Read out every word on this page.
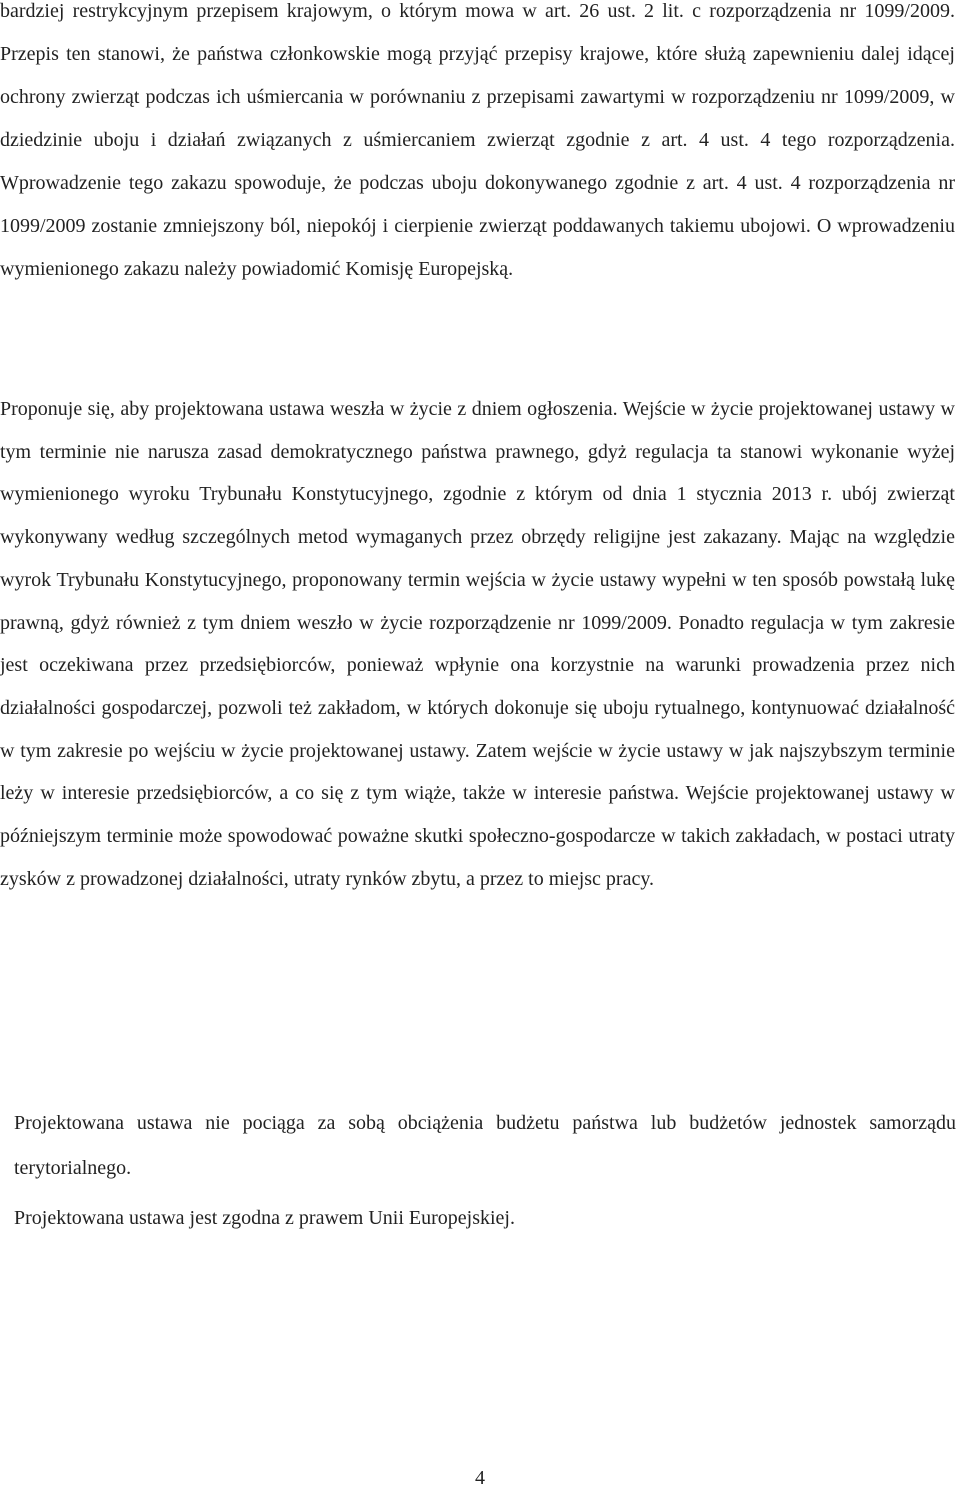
bardziej restrykcyjnym przepisem krajowym, o którym mowa w art. 26 ust. 2 lit. c rozporządzenia nr 1099/2009. Przepis ten stanowi, że państwa członkowskie mogą przyjąć przepisy krajowe, które służą zapewnieniu dalej idącej ochrony zwierząt podczas ich uśmiercania w porównaniu z przepisami zawartymi w rozporządzeniu nr 1099/2009, w dziedzinie uboju i działań związanych z uśmiercaniem zwierząt zgodnie z art. 4 ust. 4 tego rozporządzenia. Wprowadzenie tego zakazu spowoduje, że podczas uboju dokonywanego zgodnie z art. 4 ust. 4 rozporządzenia nr 1099/2009 zostanie zmniejszony ból, niepokój i cierpienie zwierząt poddawanych takiemu ubojowi. O wprowadzeniu wymienionego zakazu należy powiadomić Komisję Europejską.

Proponuje się, aby projektowana ustawa weszła w życie z dniem ogłoszenia. Wejście w życie projektowanej ustawy w tym terminie nie narusza zasad demokratycznego państwa prawnego, gdyż regulacja ta stanowi wykonanie wyżej wymienionego wyroku Trybunału Konstytucyjnego, zgodnie z którym od dnia 1 stycznia 2013 r. ubój zwierząt wykonywany według szczególnych metod wymaganych przez obrzędy religijne jest zakazany. Mając na względzie wyrok Trybunału Konstytucyjnego, proponowany termin wejścia w życie ustawy wypełni w ten sposób powstałą lukę prawną, gdyż również z tym dniem weszło w życie rozporządzenie nr 1099/2009. Ponadto regulacja w tym zakresie jest oczekiwana przez przedsiębiorców, ponieważ wpłynie ona korzystnie na warunki prowadzenia przez nich działalności gospodarczej, pozwoli też zakładom, w których dokonuje się uboju rytualnego, kontynuować działalność w tym zakresie po wejściu w życie projektowanej ustawy. Zatem wejście w życie ustawy w jak najszybszym terminie leży w interesie przedsiębiorców, a co się z tym wiąże, także w interesie państwa. Wejście projektowanej ustawy w późniejszym terminie może spowodować poważne skutki społeczno-gospodarcze w takich zakładach, w postaci utraty zysków z prowadzonej działalności, utraty rynków zbytu, a przez to miejsc pracy.

Projektowana ustawa nie pociąga za sobą obciążenia budżetu państwa lub budżetów jednostek samorządu terytorialnego.

Projektowana ustawa jest zgodna z prawem Unii Europejskiej.

4
